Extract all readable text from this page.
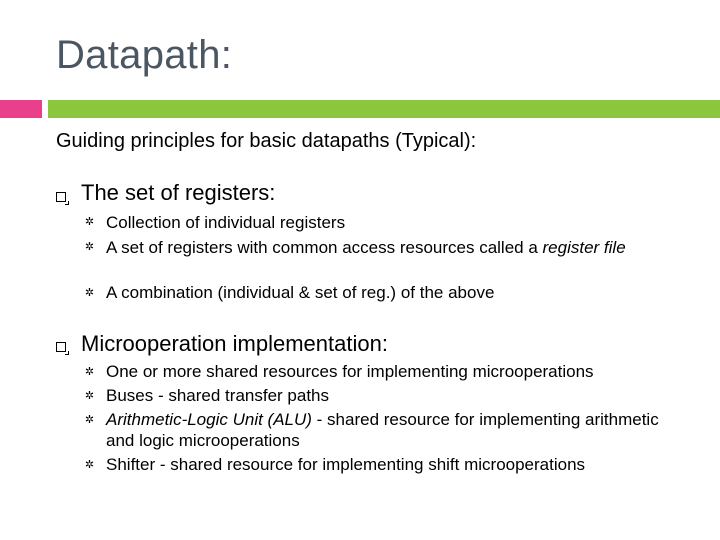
Datapath:
Guiding principles for basic datapaths (Typical):
The set of registers:
✲ Collection of individual registers
✲ A set of registers with common access resources called a register file
✲ A combination (individual & set of reg.) of the above
Microoperation implementation:
✲ One or more shared resources for implementing microoperations
✲ Buses - shared transfer paths
✲ Arithmetic-Logic Unit (ALU) - shared resource for implementing arithmetic and logic microoperations
✲ Shifter - shared resource for implementing shift microoperations
